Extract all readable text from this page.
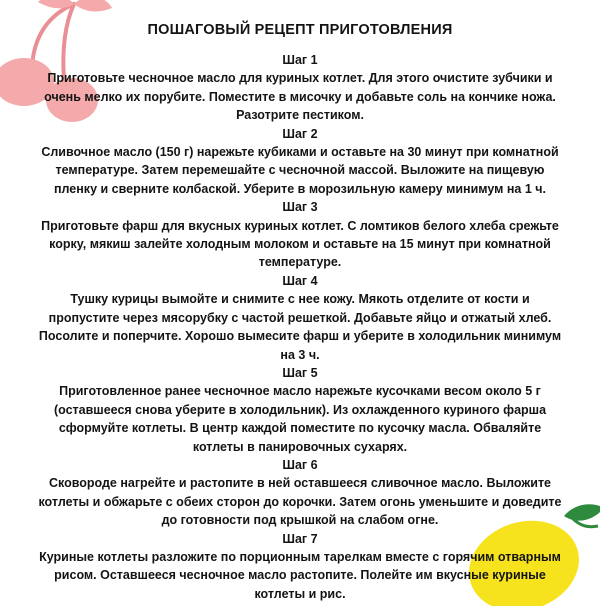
ПОШАГОВЫЙ РЕЦЕПТ ПРИГОТОВЛЕНИЯ
Шаг 1
Приготовьте чесночное масло для куриных котлет. Для этого очистите зубчики и
очень мелко их порубите. Поместите в мисочку и добавьте соль на кончике ножа.
Разотрите пестиком.
Шаг 2
Сливочное масло (150 г) нарежьте кубиками и оставьте на 30 минут при комнатной
температуре. Затем перемешайте с чесночной массой. Выложите на пищевую
пленку и сверните колбаской. Уберите в морозильную камеру минимум на 1 ч.
Шаг 3
Приготовьте фарш для вкусных куриных котлет. С ломтиков белого хлеба срежьте
корку, мякиш залейте холодным молоком и оставьте на 15 минут при комнатной
температуре.
Шаг 4
Тушку курицы вымойте и снимите с нее кожу. Мякоть отделите от кости и
пропустите через мясорубку с частой решеткой. Добавьте яйцо и отжатый хлеб.
Посолите и поперчите. Хорошо вымесите фарш и уберите в холодильник минимум
на 3 ч.
Шаг 5
Приготовленное ранее чесночное масло нарежьте кусочками весом около 5 г
(оставшееся снова уберите в холодильник). Из охлажденного куриного фарша
сформуйте котлеты. В центр каждой поместите по кусочку масла. Обваляйте
котлеты в панировочных сухарях.
Шаг 6
Сковороде нагрейте и растопите в ней оставшееся сливочное масло. Выложите
котлеты и обжарьте с обеих сторон до корочки. Затем огонь уменьшите и доведите
до готовности под крышкой на слабом огне.
Шаг 7
Куриные котлеты разложите по порционным тарелкам вместе с горячим отварным
рисом. Оставшееся чесночное масло растопите. Полейте им вкусные куриные
котлеты и рис.
